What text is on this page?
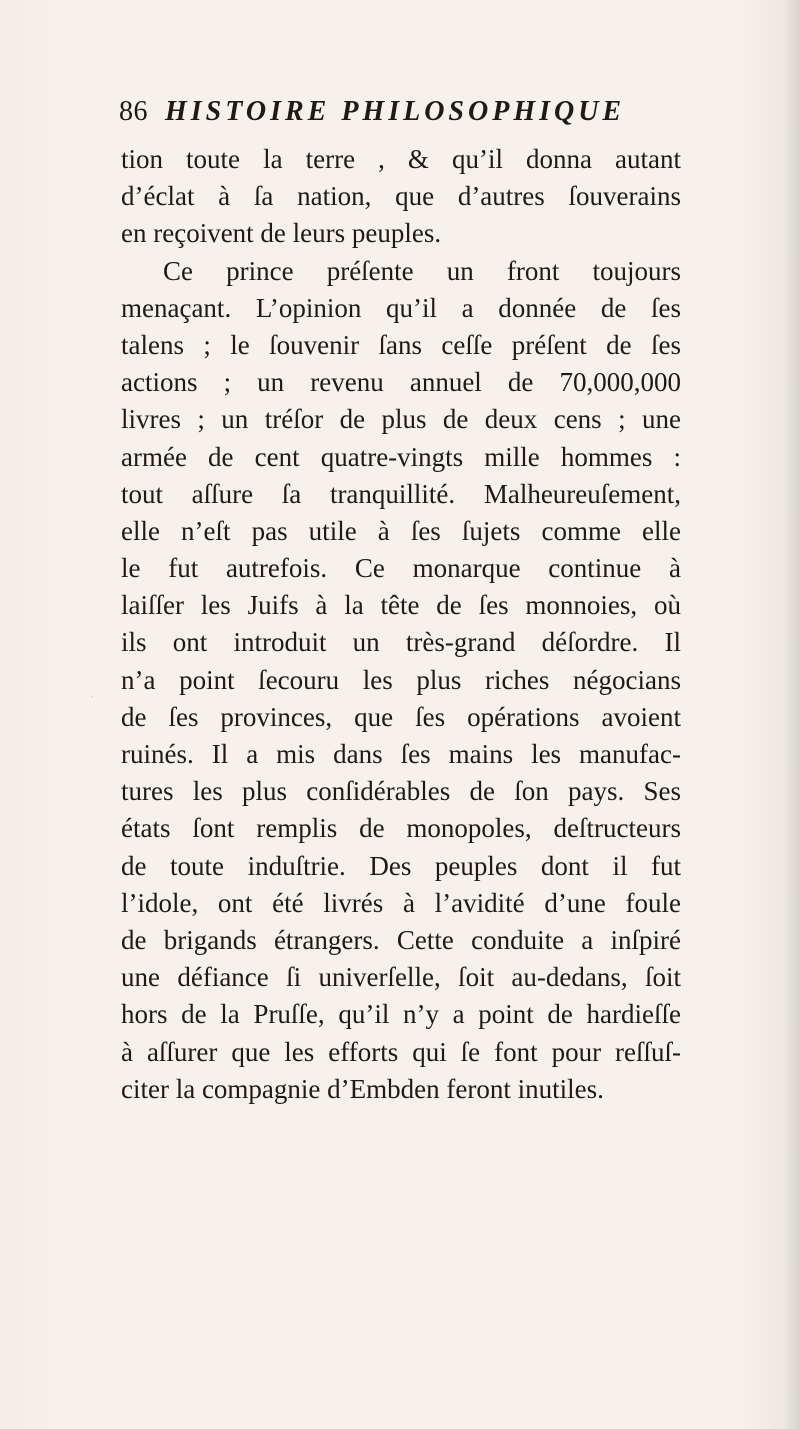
86 HISTOIRE PHILOSOPHIQUE
tion toute la terre , & qu’il donna autant
d’éclat à ſa nation, que d’autres ſouverains
en reçoivent de leurs peuples.
Ce prince préſente un front toujours
menaçant. L’opinion qu’il a donnée de ſes
talens ; le ſouvenir ſans ceſſe préſent de ſes
actions ; un revenu annuel de 70,000,000
livres ; un tréſor de plus de deux cens ; une
armée de cent quatre-vingts mille hommes :
tout aſſure ſa tranquillité. Malheureuſement,
elle n’eſt pas utile à ſes ſujets comme elle
le fut autrefois. Ce monarque continue à
laiſſer les Juifs à la tête de ſes monnoies, où
ils ont introduit un très-grand déſordre. Il
n’a point ſecouru les plus riches négocians
de ſes provinces, que ſes opérations avoient
ruinés. Il a mis dans ſes mains les manufac-
tures les plus conſidérables de ſon pays. Ses
états ſont remplis de monopoles, deſtructeurs
de toute induſtrie. Des peuples dont il fut
l’idole, ont été livrés à l’avidité d’une foule
de brigands étrangers. Cette conduite a inſpiré
une défiance ſi univerſelle, ſoit au-dedans, ſoit
hors de la Pruſſe, qu’il n’y a point de hardieſſe
à aſſurer que les efforts qui ſe font pour reſſuſ-
citer la compagnie d’Embden feront inutiles.
ˌ
